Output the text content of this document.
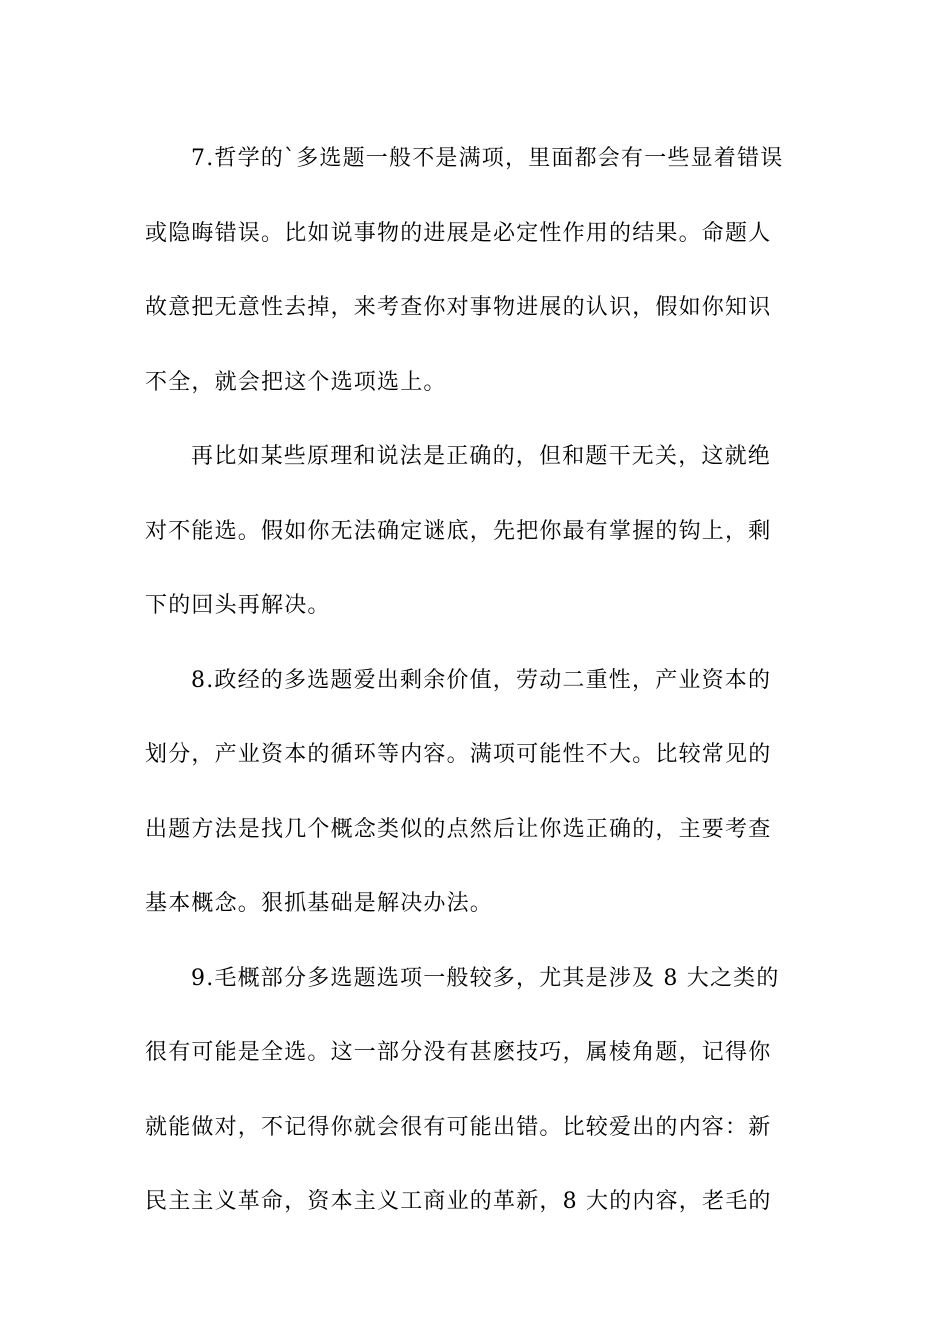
7.哲学的`多选题一般不是满项，里面都会有一些显着错误
或隐晦错误。比如说事物的进展是必定性作用的结果。命题人
故意把无意性去掉，来考查你对事物进展的认识，假如你知识
不全，就会把这个选项选上。

再比如某些原理和说法是正确的，但和题干无关，这就绝
对不能选。假如你无法确定谜底，先把你最有掌握的钩上，剩
下的回头再解决。

8.政经的多选题爱出剩余价值，劳动二重性，产业资本的
划分，产业资本的循环等内容。满项可能性不大。比较常见的
出题方法是找几个概念类似的点然后让你选正确的，主要考查
基本概念。狠抓基础是解决办法。

9.毛概部分多选题选项一般较多，尤其是涉及 8 大之类的
很有可能是全选。这一部分没有甚麽技巧，属棱角题，记得你
就能做对，不记得你就会很有可能出错。比较爱出的内容：新
民主主义革命，资本主义工商业的革新，8 大的内容，老毛的
